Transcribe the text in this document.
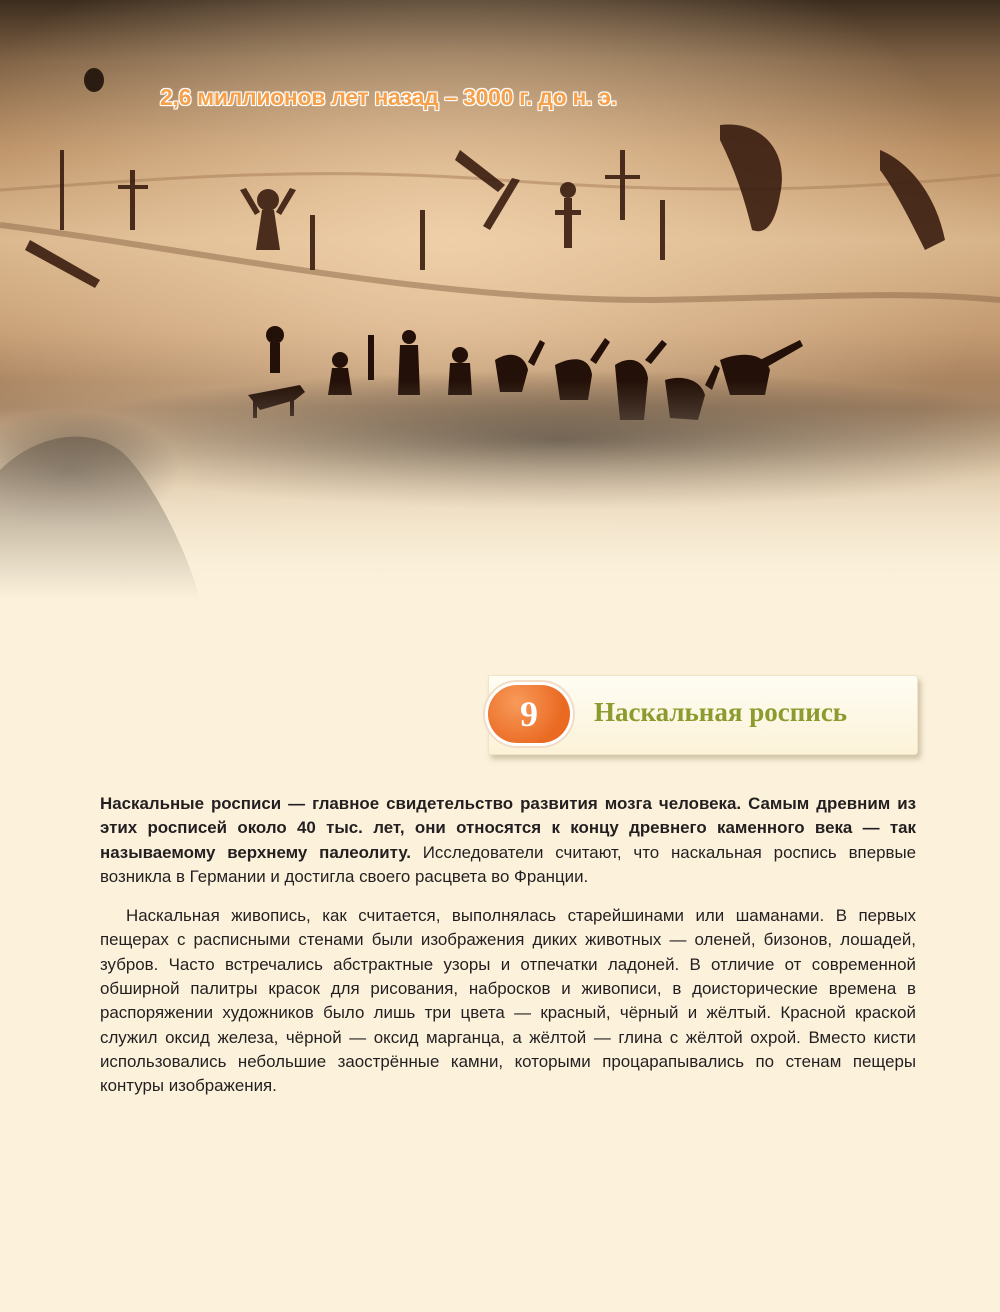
2,6 миллионов лет назад – 3000 г. до н. э.
9	Наскальная роспись

Наскальные росписи — главное свидетельство развития мозга человека. Самым древним из этих росписей около 40 тыс. лет, они относятся к концу древнего каменного века — так называемому верхнему палеолиту. Исследователи считают, что наскальная роспись впервые возникла в Германии и достигла своего расцвета во Франции.

Наскальная живопись, как считается, выполнялась старейшинами или шаманами. В первых пещерах с расписными стенами были изображения диких животных — оленей, бизонов, лошадей, зубров. Часто встречались абстрактные узоры и отпечатки ладоней. В отличие от современной обширной палитры красок для рисования, набросков и живописи, в доисторические времена в распоряжении художников было лишь три цвета — красный, чёрный и жёлтый. Красной краской служил оксид железа, чёрной — оксид марганца, а жёлтой — глина с жёлтой охрой. Вместо кисти использовались небольшие заострённые камни, которыми процарапывались по стенам пещеры контуры изображения.
